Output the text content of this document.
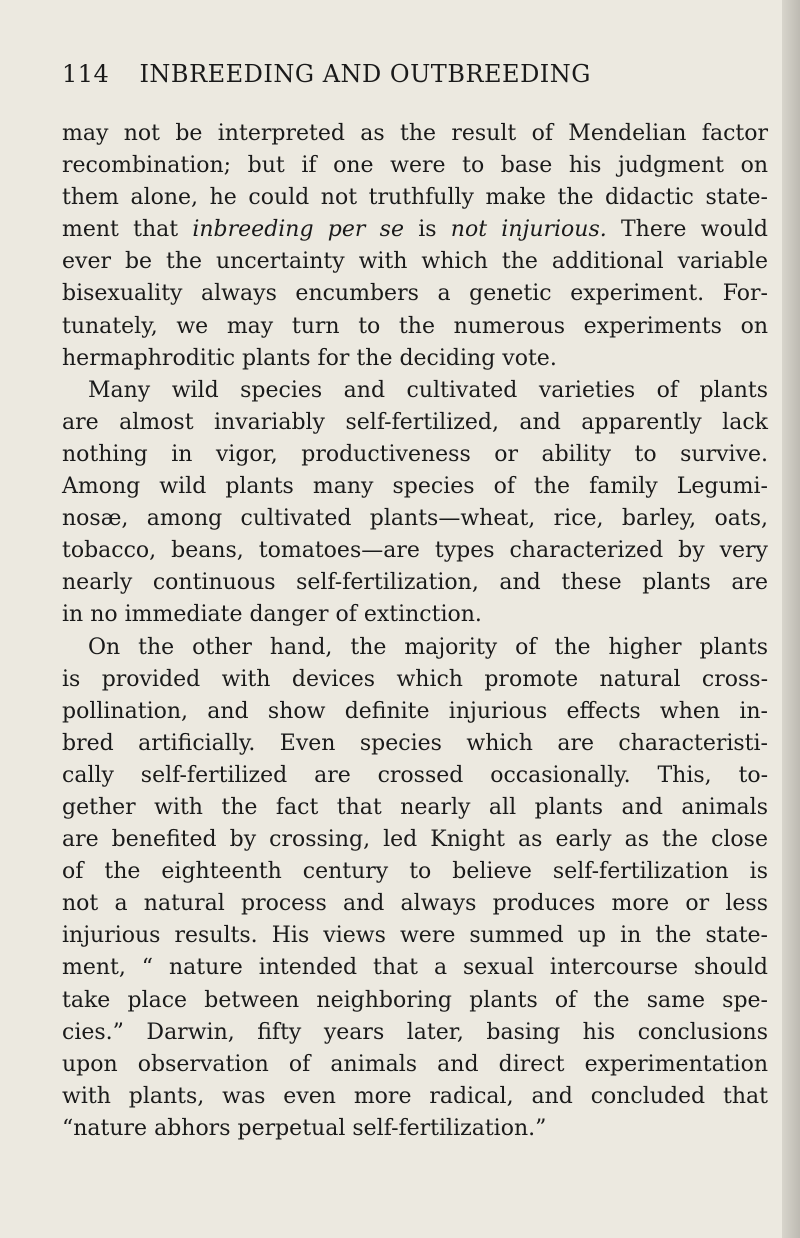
114 INBREEDING AND OUTBREEDING
may not be interpreted as the result of Mendelian factor
recombination; but if one were to base his judgment on
them alone, he could not truthfully make the didactic state-
ment that inbreeding per se is not injurious. There would
ever be the uncertainty with which the additional variable
bisexuality always encumbers a genetic experiment. For-
tunately, we may turn to the numerous experiments on
hermaphroditic plants for the deciding vote.
Many wild species and cultivated varieties of plants
are almost invariably self-fertilized, and apparently lack
nothing in vigor, productiveness or ability to survive.
Among wild plants many species of the family Legumi-
nosæ, among cultivated plants—wheat, rice, barley, oats,
tobacco, beans, tomatoes—are types characterized by very
nearly continuous self-fertilization, and these plants are
in no immediate danger of extinction.
On the other hand, the majority of the higher plants
is provided with devices which promote natural cross-
pollination, and show definite injurious effects when in-
bred artificially. Even species which are characteristi-
cally self-fertilized are crossed occasionally. This, to-
gether with the fact that nearly all plants and animals
are benefited by crossing, led Knight as early as the close
of the eighteenth century to believe self-fertilization is
not a natural process and always produces more or less
injurious results. His views were summed up in the state-
ment, “ nature intended that a sexual intercourse should
take place between neighboring plants of the same spe-
cies.” Darwin, fifty years later, basing his conclusions
upon observation of animals and direct experimentation
with plants, was even more radical, and concluded that
“nature abhors perpetual self-fertilization.”
